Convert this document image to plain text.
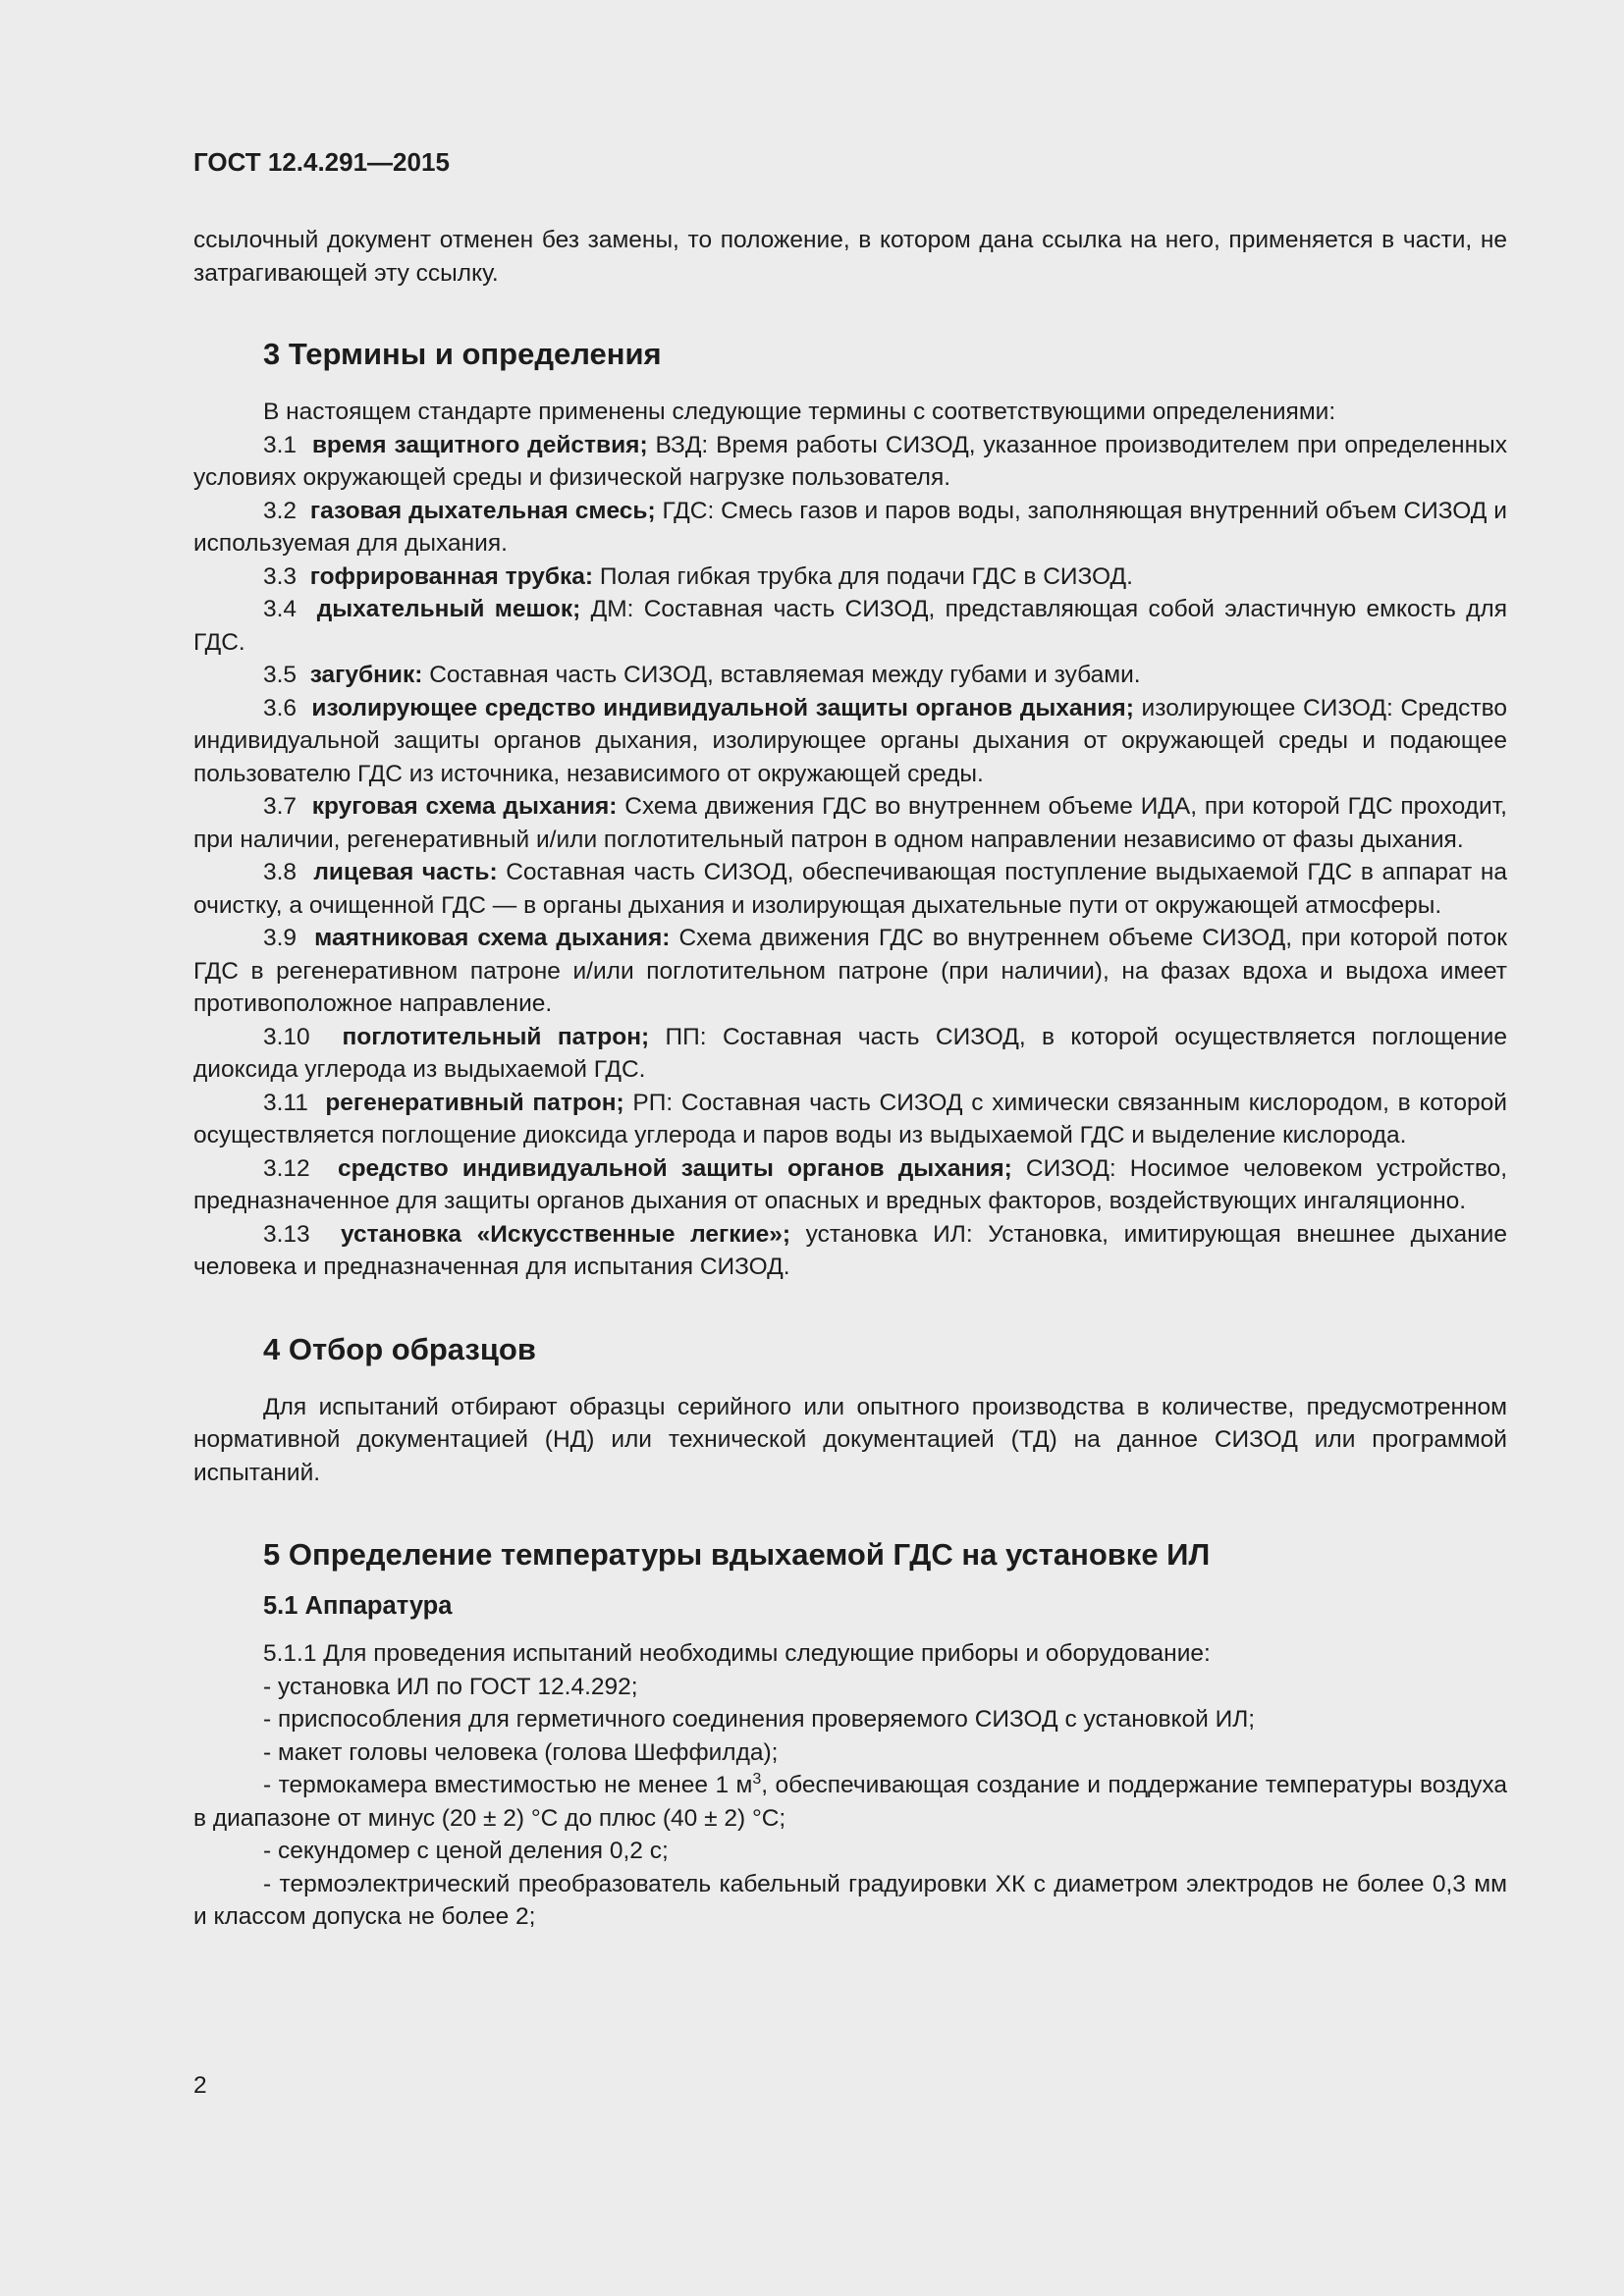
ГОСТ 12.4.291—2015

ссылочный документ отменен без замены, то положение, в котором дана ссылка на него, применяется в части, не затрагивающей эту ссылку.

3 Термины и определения

В настоящем стандарте применены следующие термины с соответствующими определениями:

3.1 время защитного действия; ВЗД: Время работы СИЗОД, указанное производителем при определенных условиях окружающей среды и физической нагрузке пользователя.

3.2 газовая дыхательная смесь; ГДС: Смесь газов и паров воды, заполняющая внутренний объем СИЗОД и используемая для дыхания.

3.3 гофрированная трубка: Полая гибкая трубка для подачи ГДС в СИЗОД.

3.4 дыхательный мешок; ДМ: Составная часть СИЗОД, представляющая собой эластичную емкость для ГДС.

3.5 загубник: Составная часть СИЗОД, вставляемая между губами и зубами.

3.6 изолирующее средство индивидуальной защиты органов дыхания; изолирующее СИЗОД: Средство индивидуальной защиты органов дыхания, изолирующее органы дыхания от окружающей среды и подающее пользователю ГДС из источника, независимого от окружающей среды.

3.7 круговая схема дыхания: Схема движения ГДС во внутреннем объеме ИДА, при которой ГДС проходит, при наличии, регенеративный и/или поглотительный патрон в одном направлении независимо от фазы дыхания.

3.8 лицевая часть: Составная часть СИЗОД, обеспечивающая поступление выдыхаемой ГДС в аппарат на очистку, а очищенной ГДС — в органы дыхания и изолирующая дыхательные пути от окружающей атмосферы.

3.9 маятниковая схема дыхания: Схема движения ГДС во внутреннем объеме СИЗОД, при которой поток ГДС в регенеративном патроне и/или поглотительном патроне (при наличии), на фазах вдоха и выдоха имеет противоположное направление.

3.10 поглотительный патрон; ПП: Составная часть СИЗОД, в которой осуществляется поглощение диоксида углерода из выдыхаемой ГДС.

3.11 регенеративный патрон; РП: Составная часть СИЗОД с химически связанным кислородом, в которой осуществляется поглощение диоксида углерода и паров воды из выдыхаемой ГДС и выделение кислорода.

3.12 средство индивидуальной защиты органов дыхания; СИЗОД: Носимое человеком устройство, предназначенное для защиты органов дыхания от опасных и вредных факторов, воздействующих ингаляционно.

3.13 установка «Искусственные легкие»; установка ИЛ: Установка, имитирующая внешнее дыхание человека и предназначенная для испытания СИЗОД.

4 Отбор образцов

Для испытаний отбирают образцы серийного или опытного производства в количестве, предусмотренном нормативной документацией (НД) или технической документацией (ТД) на данное СИЗОД или программой испытаний.

5 Определение температуры вдыхаемой ГДС на установке ИЛ
5.1 Аппаратура

5.1.1 Для проведения испытаний необходимы следующие приборы и оборудование:

- установка ИЛ по ГОСТ 12.4.292;

- приспособления для герметичного соединения проверяемого СИЗОД с установкой ИЛ;

- макет головы человека (голова Шеффилда);

- термокамера вместимостью не менее 1 $м^3$, обеспечивающая создание и поддержание температуры воздуха в диапазоне от минус (20 ± 2) °С до плюс (40 ± 2) °С;

- секундомер с ценой деления 0,2 с;

- термоэлектрический преобразователь кабельный градуировки ХК с диаметром электродов не более 0,3 мм и классом допуска не более 2;

2
